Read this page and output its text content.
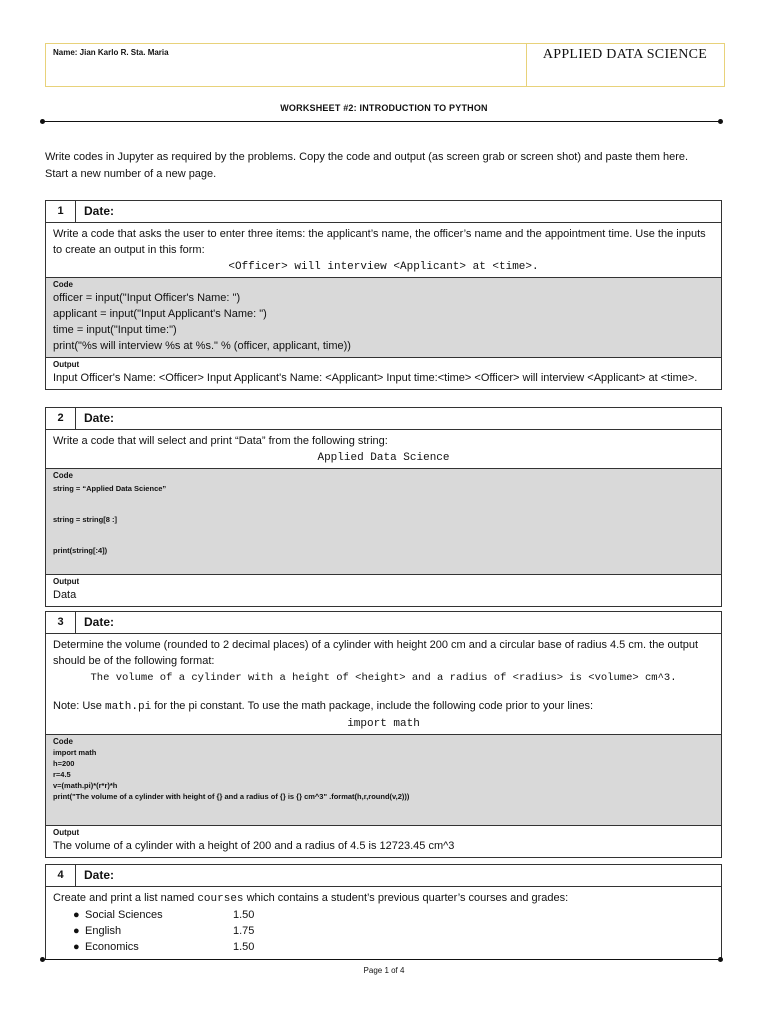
Name: Jian Karlo R. Sta. Maria	APPLIED DATA SCIENCE
WORKSHEET #2: INTRODUCTION TO PYTHON
Write codes in Jupyter as required by the problems. Copy the code and output (as screen grab or screen shot) and paste them here.
Start a new number of a new page.
1	Date:
Write a code that asks the user to enter three items: the applicant’s name, the officer’s name and the appointment time. Use the inputs to create an output in this form:
<Officer> will interview <Applicant> at <time>.
Code
officer = input("Input Officer's Name: ")
applicant = input("Input Applicant's Name: ")
time = input("Input time:")
print("%s will interview %s at %s." % (officer, applicant, time))
Output
Input Officer's Name: <Officer> Input Applicant's Name: <Applicant> Input time:<time> <Officer> will interview <Applicant> at <time>.
2	Date:
Write a code that will select and print “Data” from the following string:
Applied Data Science
Code
string = “Applied Data Science”
string = string[8 :]
print(string[:4])
Output
Data
3	Date:
Determine the volume (rounded to 2 decimal places) of a cylinder with height 200 cm and a circular base of radius 4.5 cm. the output should be of the following format:
The volume of a cylinder with a height of <height> and a radius of <radius> is <volume> cm^3.
Note: Use math.pi for the pi constant. To use the math package, include the following code prior to your lines:
import math
Code
import math
h=200
r=4.5
v=(math.pi)*(r*r)*h
print("The volume of a cylinder with height of {} and a radius of {} is {} cm^3" .format(h,r,round(v,2)))
Output
The volume of a cylinder with a height of 200 and a radius of 4.5 is 12723.45 cm^3
4	Date:
Create and print a list named courses which contains a student’s previous quarter’s courses and grades:
● Social Sciences	1.50
● English	1.75
● Economics	1.50
Page 1 of 4
